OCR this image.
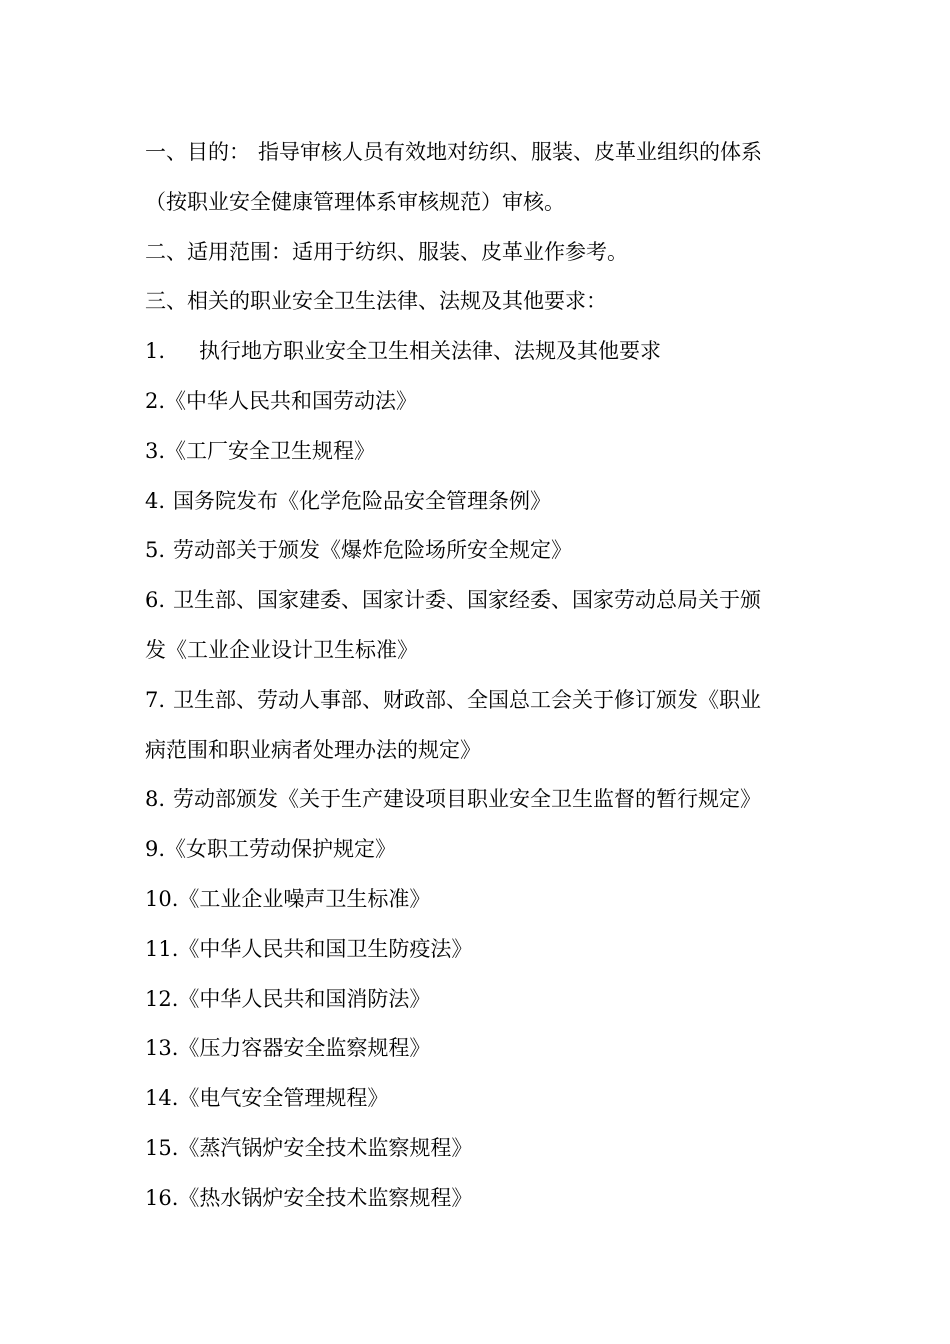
一、目的： 指导审核人员有效地对纺织、服装、皮革业组织的体系
（按职业安全健康管理体系审核规范）审核。
二、适用范围：适用于纺织、服装、皮革业作参考。
三、相关的职业安全卫生法律、法规及其他要求：
1. 执行地方职业安全卫生相关法律、法规及其他要求
2.《中华人民共和国劳动法》
3.《工厂安全卫生规程》
4. 国务院发布《化学危险品安全管理条例》
5. 劳动部关于颁发《爆炸危险场所安全规定》
6. 卫生部、国家建委、国家计委、国家经委、国家劳动总局关于颁
发《工业企业设计卫生标准》
7. 卫生部、劳动人事部、财政部、全国总工会关于修订颁发《职业
病范围和职业病者处理办法的规定》
8. 劳动部颁发《关于生产建设项目职业安全卫生监督的暂行规定》
9.《女职工劳动保护规定》
10.《工业企业噪声卫生标准》
11.《中华人民共和国卫生防疫法》
12.《中华人民共和国消防法》
13.《压力容器安全监察规程》
14.《电气安全管理规程》
15.《蒸汽锅炉安全技术监察规程》
16.《热水锅炉安全技术监察规程》
